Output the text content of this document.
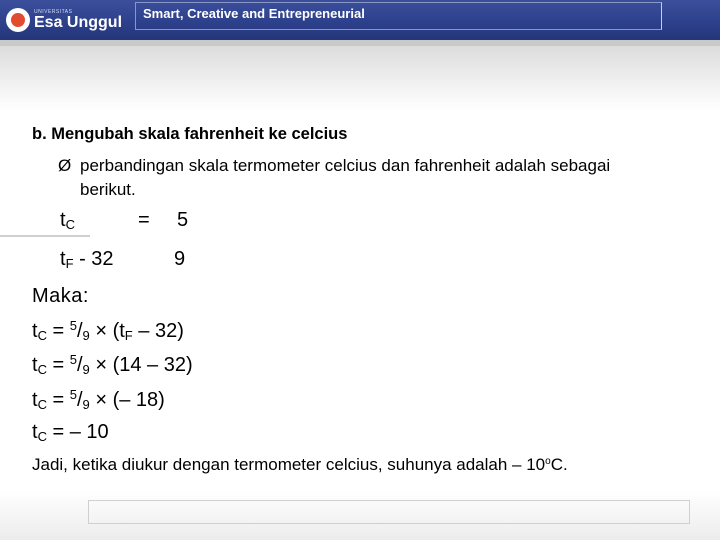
UNIVERSITAS
Esa Unggul Smart, Creative and Entrepreneurial
b. Mengubah skala fahrenheit ke celcius
Ø perbandingan skala termometer celcius dan fahrenheit adalah sebagai berikut.
$t_C$	= 5
$t_F - 32$	9
Maka:
$t_C = ^5/_9 \times (t_F - 32)$
$t_C = ^5/_9 \times (14 - 32)$
$t_C = ^5/_9$ × (– 18)
$t_C$ = – 10
Jadi, ketika diukur dengan termometer celcius, suhunya adalah – 10$^o$C.
